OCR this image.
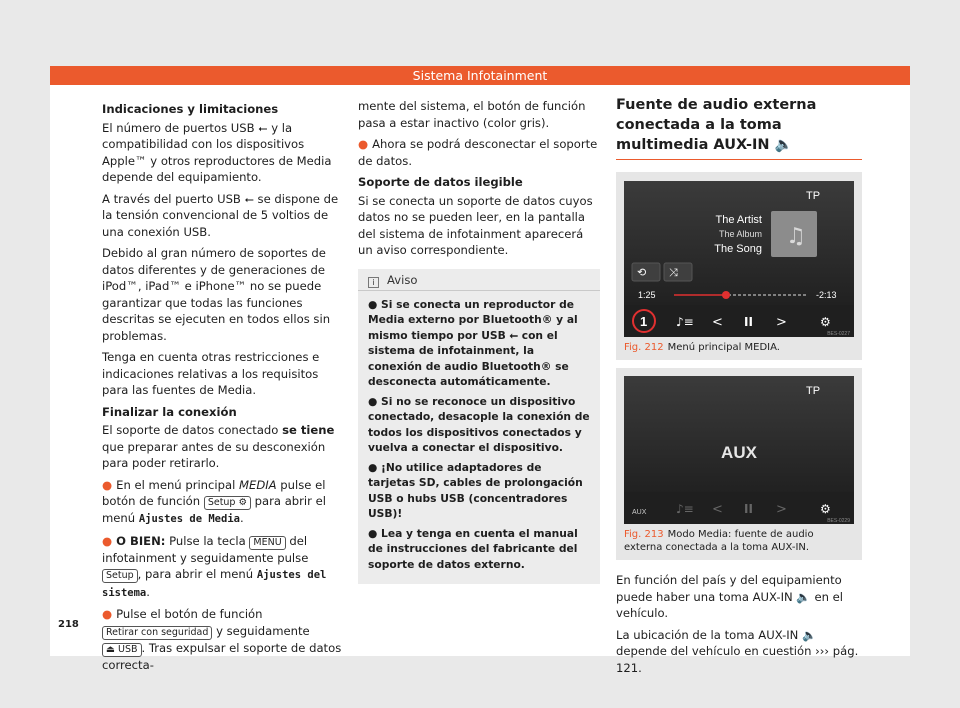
Sistema Infotainment
Indicaciones y limitaciones

El número de puertos USB ⭠ y la compatibilidad con los dispositivos Apple™ y otros reproductores de Media depende del equipamiento.

A través del puerto USB ⭠ se dispone de la tensión convencional de 5 voltios de una conexión USB.

Debido al gran número de soportes de datos diferentes y de generaciones de iPod™, iPad™ e iPhone™ no se puede garantizar que todas las funciones descritas se ejecuten en todos ellos sin problemas.

Tenga en cuenta otras restricciones e indicaciones relativas a los requisitos para las fuentes de Media.

Finalizar la conexión

El soporte de datos conectado se tiene que preparar antes de su desconexión para poder retirarlo.

● En el menú principal MEDIA pulse el botón de función Setup ⚙ para abrir el menú Ajustes de Media.

● O BIEN: Pulse la tecla MENU del infotainment y seguidamente pulse Setup , para abrir el menú Ajustes del sistema.

● Pulse el botón de función Retirar con seguridad y seguidamente ⏏ USB . Tras expulsar el soporte de datos correcta-

mente del sistema, el botón de función pasa a estar inactivo (color gris).

● Ahora se podrá desconectar el soporte de datos.

Soporte de datos ilegible

Si se conecta un soporte de datos cuyos datos no se pueden leer, en la pantalla del sistema de infotainment aparecerá un aviso correspondiente.

i Aviso

● Si se conecta un reproductor de Media externo por Bluetooth® y al mismo tiempo por USB ⭠ con el sistema de infotainment, la conexión de audio Bluetooth® se desconecta automáticamente.

● Si no se reconoce un dispositivo conectado, desacople la conexión de todos los dispositivos conectados y vuelva a conectar el dispositivo.

● ¡No utilice adaptadores de tarjetas SD, cables de prolongación USB o hubs USB (concentradores USB)!

● Lea y tenga en cuenta el manual de instrucciones del fabricante del soporte de datos externo.

Fuente de audio externa conectada a la toma multimedia AUX-IN 🔈
TP
The Artist
The Album
The Song ♫
⟲ ⤨
1:25	-2:13
1 ♪≡ < II >	⚙
BES-0227
Fig. 212 Menú principal MEDIA.
TP
AUX
AUX ♪≡ < II >	⚙
BES-0229
Fig. 213 Modo Media: fuente de audio externa conectada a la toma AUX-IN.

En función del país y del equipamiento puede haber una toma AUX-IN 🔈 en el vehículo.

La ubicación de la toma AUX-IN 🔈 depende del vehículo en cuestión ››› pág. 121.

218
